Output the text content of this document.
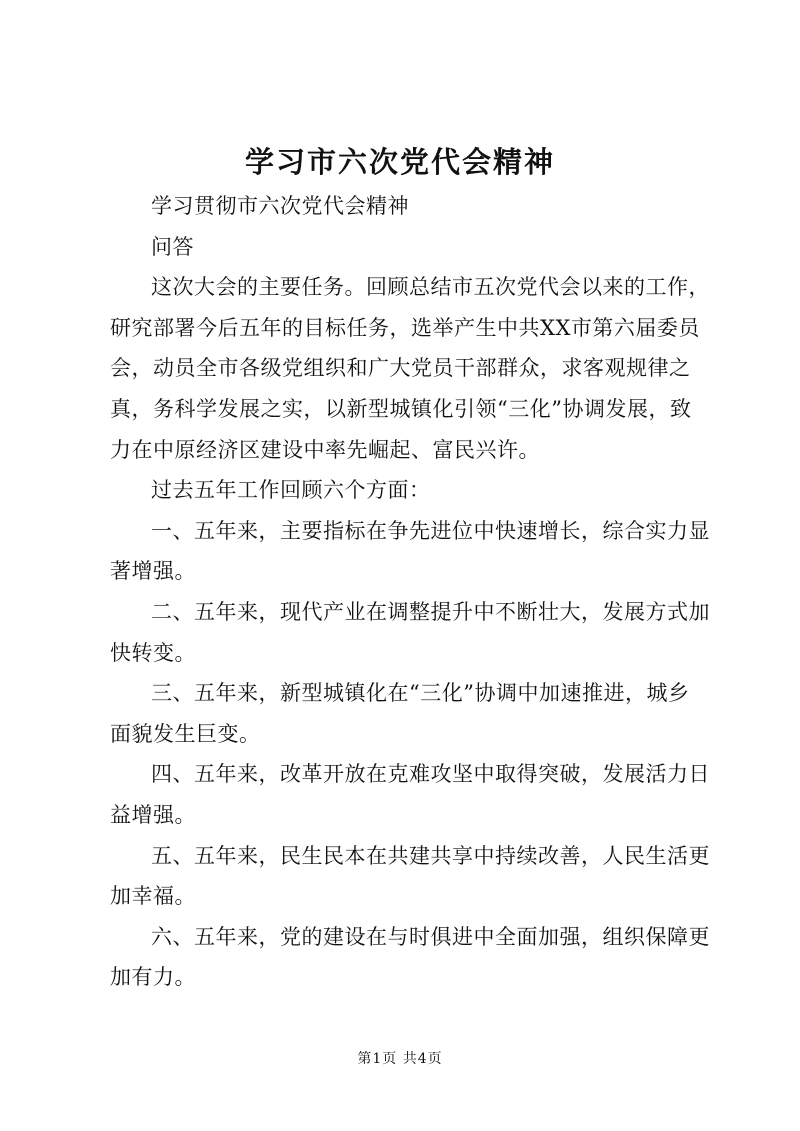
学习市六次党代会精神

学习贯彻市六次党代会精神

问答

这次大会的主要任务。回顾总结市五次党代会以来的工作，研究部署今后五年的目标任务，选举产生中共XX市第六届委员会，动员全市各级党组织和广大党员干部群众，求客观规律之真，务科学发展之实，以新型城镇化引领“三化”协调发展，致力在中原经济区建设中率先崛起、富民兴许。

过去五年工作回顾六个方面：

一、五年来，主要指标在争先进位中快速增长，综合实力显著增强。

二、五年来，现代产业在调整提升中不断壮大，发展方式加快转变。

三、五年来，新型城镇化在“三化”协调中加速推进，城乡面貌发生巨变。

四、五年来，改革开放在克难攻坚中取得突破，发展活力日益增强。

五、五年来，民生民本在共建共享中持续改善，人民生活更加幸福。

六、五年来，党的建设在与时俱进中全面加强，组织保障更加有力。

第1页 共4页
